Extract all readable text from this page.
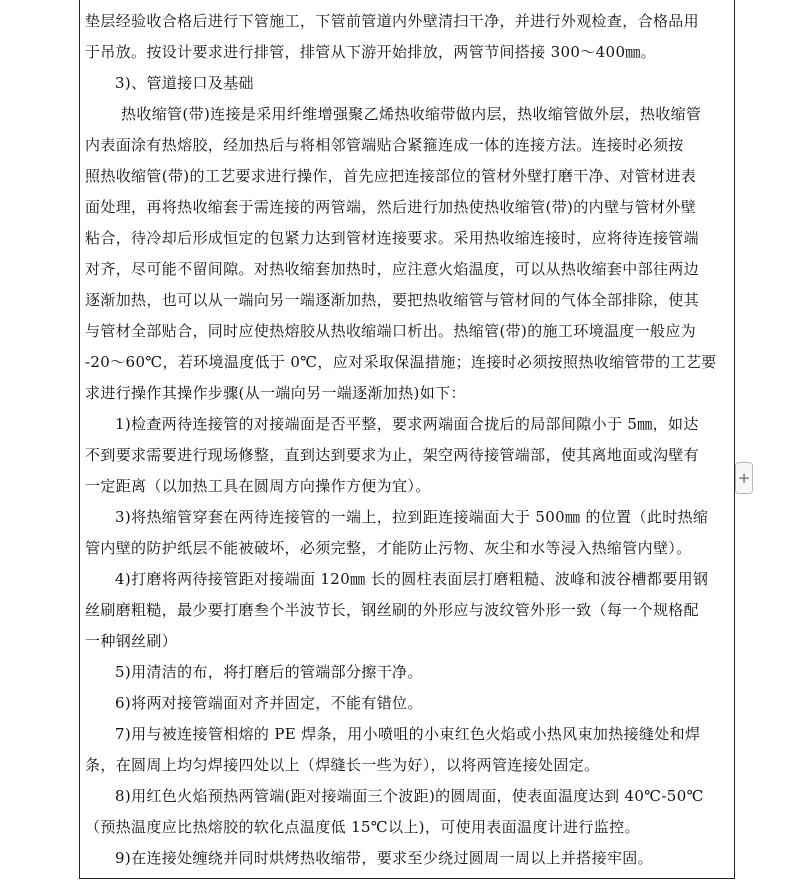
垫层经验收合格后进行下管施工，下管前管道内外壁清扫干净，并进行外观检查，合格品用
于吊放。按设计要求进行排管，排管从下游开始排放，两管节间搭接 300～400㎜。
3)、管道接口及基础
热收缩管(带)连接是采用纤维增强聚乙烯热收缩带做内层，热收缩管做外层，热收缩管
内表面涂有热熔胶，经加热后与将相邻管端贴合紧箍连成一体的连接方法。连接时必须按
照热收缩管(带)的工艺要求进行操作，首先应把连接部位的管材外壁打磨干净、对管材进表
面处理，再将热收缩套于需连接的两管端，然后进行加热使热收缩管(带)的内壁与管材外壁
粘合，待冷却后形成恒定的包紧力达到管材连接要求。采用热收缩连接时，应将待连接管端
对齐，尽可能不留间隙。对热收缩套加热时，应注意火焰温度，可以从热收缩套中部往两边
逐渐加热，也可以从一端向另一端逐渐加热，要把热收缩管与管材间的气体全部排除，使其
与管材全部贴合，同时应使热熔胶从热收缩端口析出。热缩管(带)的施工环境温度一般应为
-20～60℃，若环境温度低于 0℃，应对采取保温措施；连接时必须按照热收缩管带的工艺要
求进行操作其操作步骤(从一端向另一端逐渐加热)如下：
1)检查两待连接管的对接端面是否平整，要求两端面合拢后的局部间隙小于 5㎜，如达
不到要求需要进行现场修整，直到达到要求为止，架空两待接管端部，使其离地面或沟壁有
一定距离（以加热工具在圆周方向操作方便为宜）。
3)将热缩管穿套在两待连接管的一端上，拉到距连接端面大于 500㎜ 的位置（此时热缩
管内壁的防护纸层不能被破坏，必须完整，才能防止污物、灰尘和水等浸入热缩管内壁）。
4)打磨将两待接管距对接端面 120㎜ 长的圆柱表面层打磨粗糙、波峰和波谷槽都要用钢
丝刷磨粗糙，最少要打磨叁个半波节长，钢丝刷的外形应与波纹管外形一致（每一个规格配
一种钢丝刷）
5)用清洁的布，将打磨后的管端部分擦干净。
6)将两对接管端面对齐并固定，不能有错位。
7)用与被连接管相熔的 PE 焊条，用小喷咀的小束红色火焰或小热风束加热接缝处和焊
条，在圆周上均匀焊接四处以上（焊缝长一些为好），以将两管连接处固定。
8)用红色火焰预热两管端(距对接端面三个波距)的圆周面，使表面温度达到 40℃-50℃
（预热温度应比热熔胶的软化点温度低 15℃以上)，可使用表面温度计进行监控。
9)在连接处缠绕并同时烘烤热收缩带，要求至少绕过圆周一周以上并搭接牢固。
+
